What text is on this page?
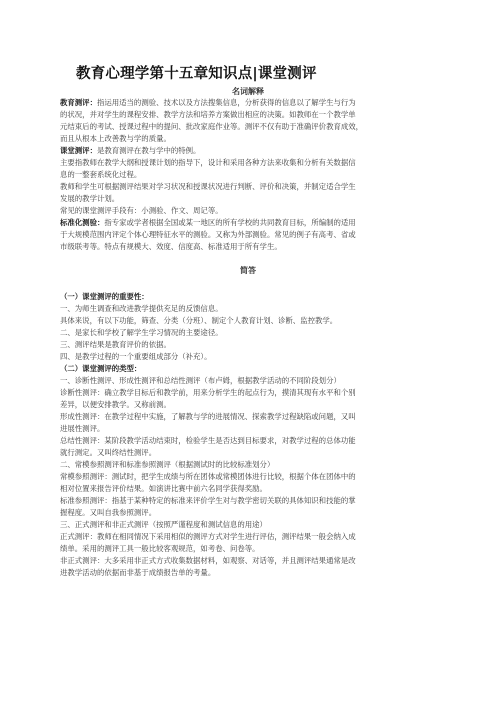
教育心理学第十五章知识点|课堂测评
名词解释
教育测评：指运用适当的测验、技术以及方法搜集信息，分析获得的信息以了解学生与行为
的状况，并对学生的课程安排、教学方法和培养方案做出相应的决策。如教师在一个教学单
元结束后的考试、授课过程中的提问、批改家庭作业等。测评不仅有助于准确评价教育成效，
而且从根本上改善教与学的质量。
课堂测评：是教育测评在教与学中的特例。
主要指教师在教学大纲和授课计划的指导下，设计和采用各种方法来收集和分析有关数据信
息的一整套系统化过程。
教师和学生可根据测评结果对学习状况和授课状况进行判断、评价和决策，并制定适合学生
发展的教学计划。
常见的课堂测评手段有：小测验、作文、周记等。
标准化测验：指专家或学者根据全国或某一地区的所有学校的共同教育目标，所编制的适用
于大规模范围内评定个体心理特征水平的测验。又称为外部测验。常见的例子有高考、省或
市级联考等。特点有规模大、效度、信度高、标准适用于所有学生。
简答
（一）课堂测评的重要性：
一、为师生调查和改进教学提供充足的反馈信息。
具体来说，有以下功能，筛查、分类（分班）、制定个人教育计划、诊断、监控教学。
二、是家长和学校了解学生学习情况的主要途径。
三、测评结果是教育评价的依据。
四、是教学过程的一个重要组成部分（补充）。
（二）课堂测评的类型：
一、诊断性测评、形成性测评和总结性测评（布卢姆，根据教学活动的不同阶段划分）
诊断性测评：确立教学目标后和教学前，用来分析学生的起点行为，摸清其现有水平和个别
差异，以便安排教学。又称前测。
形成性测评：在教学过程中实施，了解教与学的进展情况、探索教学过程缺陷或问题，又叫
进展性测评。
总结性测评：某阶段教学活动结束时，检验学生是否达到目标要求，对教学过程的总体功能
就行测定。又叫终结性测评。
二、常模参照测评和标准参照测评（根据测试时的比较标准划分）
常模参照测评：测试时，把学生成绩与所在团体或常模团体进行比较，根据个体在团体中的
相对位置来报告评价结果。如演讲比赛中前六名同学获得奖励。
标准参照测评：指基于某种特定的标准来评价学生对与教学密切关联的具体知识和技能的掌
握程度。又叫自我参照测评。
三、正式测评和非正式测评（按照严谨程度和测试信息的用途）
正式测评：教师在相同情况下采用相似的测评方式对学生进行评估，测评结果一般会纳入成
绩单。采用的测评工具一般比较客观规范，如考卷、问卷等。
非正式测评：大多采用非正式方式收集数据材料，如观察、对话等，并且测评结果通常是改
进教学活动的依据而非基于成绩报告单的考量。
